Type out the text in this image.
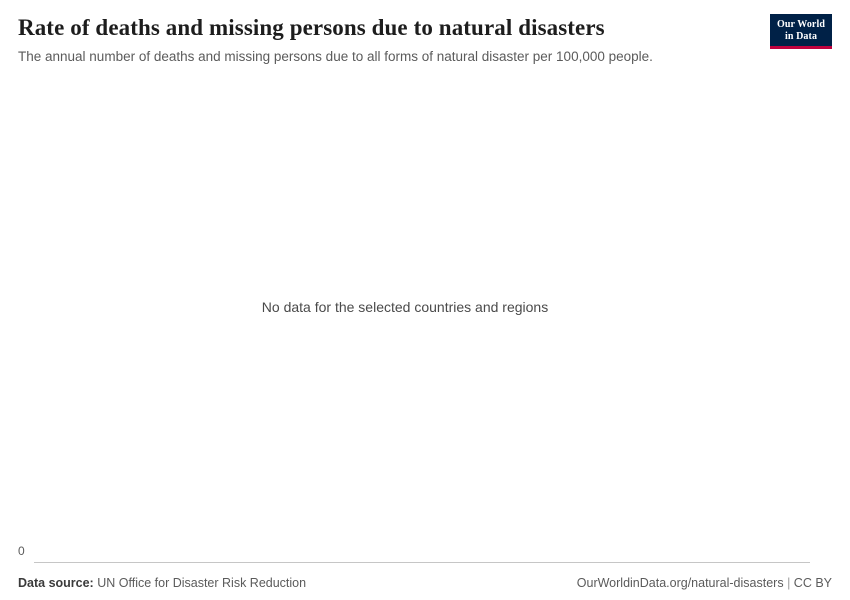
Rate of deaths and missing persons due to natural disasters

The annual number of deaths and missing persons due to all forms of natural disaster per 100,000 people.

Our World
in Data
No data for the selected countries and regions
0
Data source: UN Office for Disaster Risk Reduction	OurWorldinData.org/natural-disasters | CC BY
